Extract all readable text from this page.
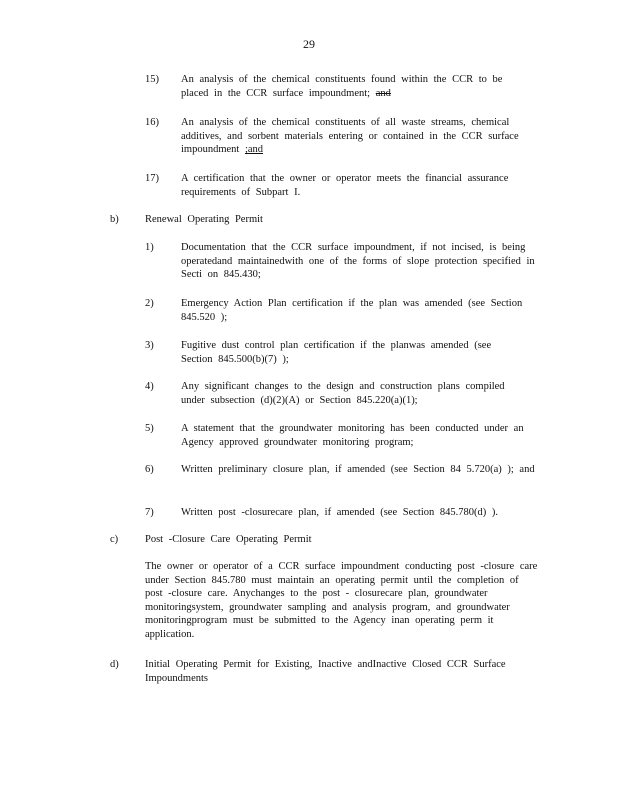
29
15) An analysis of the chemical constituents found within the CCR to be placed in the CCR surface impoundment; and
16) An analysis of the chemical constituents of all waste streams, chemical additives, and sorbent materials entering or contained in the CCR surface impoundment ;and
17) A certification that the owner or operator meets the financial assurance requirements of Subpart I.
b)	Renewal Operating Permit
1)	Documentation that the CCR surface impoundment, if not incised, is being operatedand maintainedwith one of the forms of slope protection specified in Secti on 845.430;
2)	Emergency Action Plan certification if the plan was amended (see Section 845.520 );
3)	Fugitive dust control plan certification if the planwas amended (see Section 845.500(b)(7) );
4)	Any significant changes to the design and construction plans compiled under subsection (d)(2)(A) or Section 845.220(a)(1);
5)	A statement that the groundwater monitoring has been conducted under an Agency approved groundwater monitoring program;
6)	Written preliminary closure plan, if amended (see Section 84 5.720(a) ); and
7)	Written post -closurecare plan, if amended (see Section 845.780(d) ).
c)	Post -Closure Care Operating Permit
The owner or operator of a CCR surface impoundment conducting post -closure care under Section 845.780 must maintain an operating permit until the completion of post -closure care. Anychanges to the post - closurecare plan, groundwater monitoringsystem, groundwater sampling and analysis program, and groundwater monitoringprogram must be submitted to the Agency inan operating perm it application.
d)	Initial Operating Permit for Existing, Inactive andInactive Closed CCR Surface Impoundments
